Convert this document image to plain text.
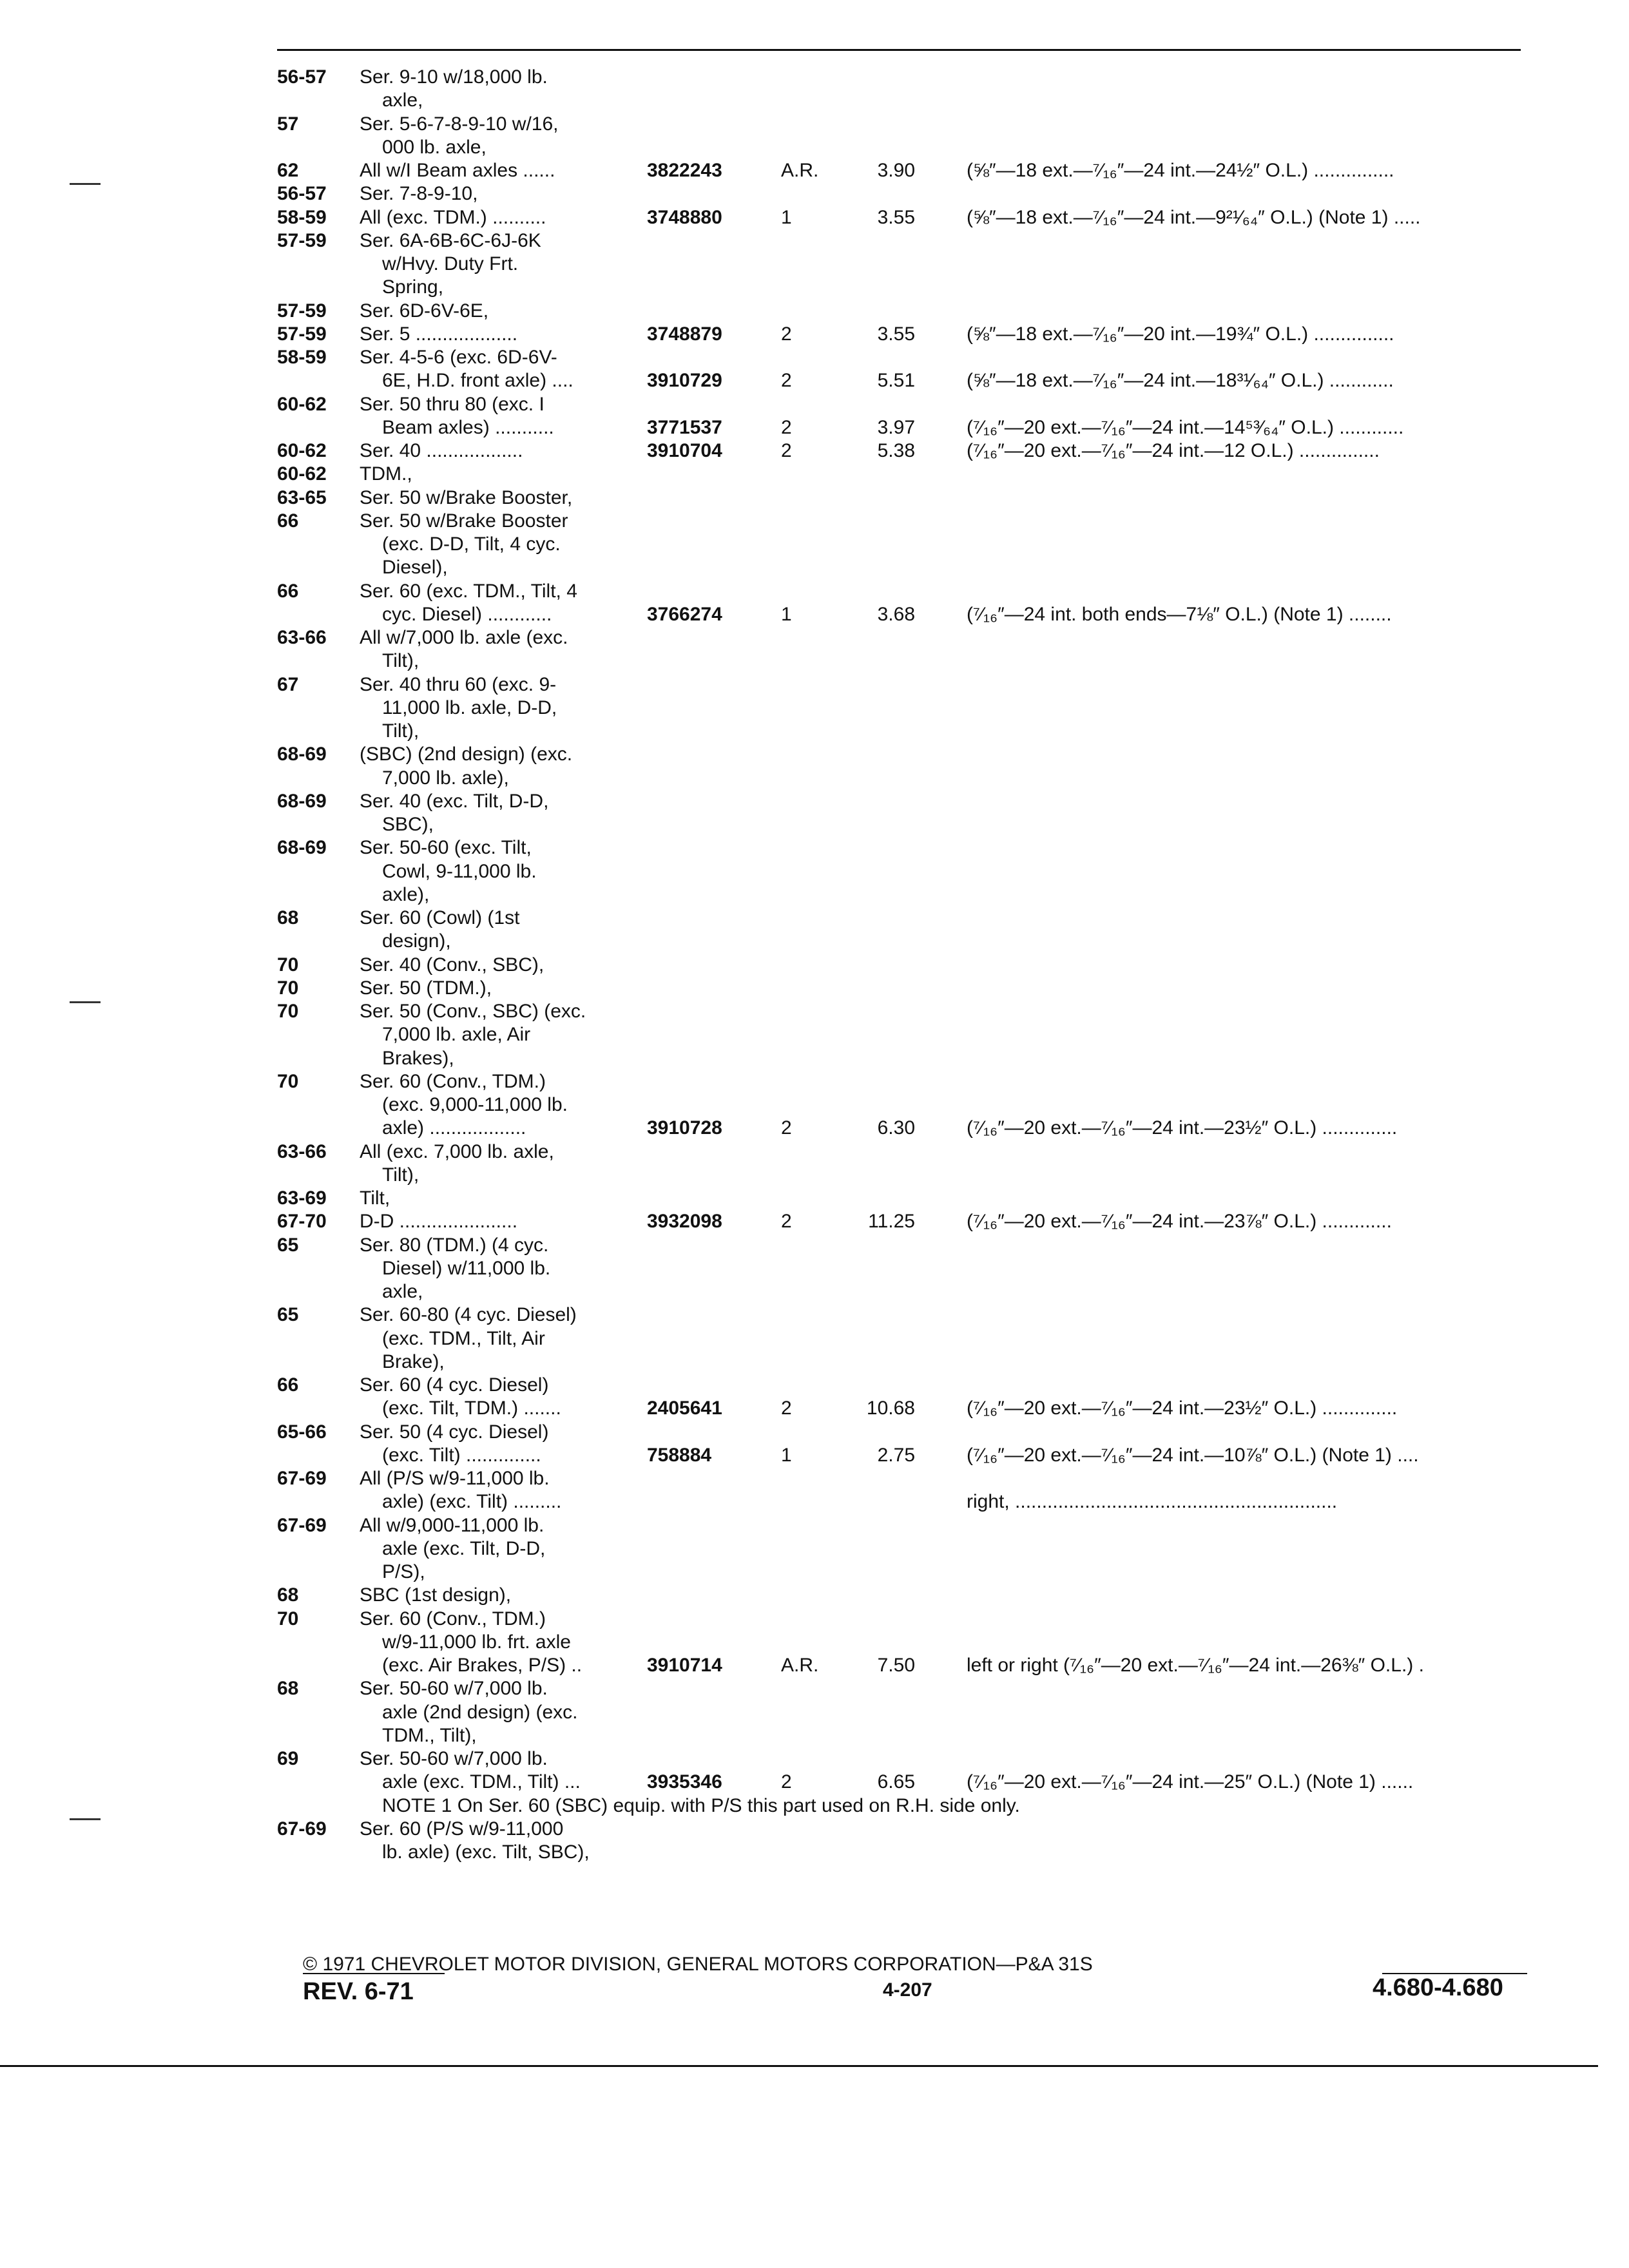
56-57 Ser. 9-10 w/18,000 lb.
axle,
57	Ser. 5-6-7-8-9-10 w/16,
000 lb. axle,
62	All w/I Beam axles ......	3822243	A.R.	3.90	(⅝″—18 ext.—⁷⁄₁₆″—24 int.—24½″ O.L.) ...............
56-57 Ser. 7-8-9-10,
58-59 All (exc. TDM.) ..........	3748880	1	3.55	(⅝″—18 ext.—⁷⁄₁₆″—24 int.—9²¹⁄₆₄″ O.L.) (Note 1) .....
57-59 Ser. 6A-6B-6C-6J-6K
w/Hvy. Duty Frt.
Spring,
57-59 Ser. 6D-6V-6E,
57-59 Ser. 5 ...................	3748879	2	3.55	(⅝″—18 ext.—⁷⁄₁₆″—20 int.—19¾″ O.L.) ...............
58-59 Ser. 4-5-6 (exc. 6D-6V-
6E, H.D. front axle) ....	3910729	2	5.51	(⅝″—18 ext.—⁷⁄₁₆″—24 int.—18³¹⁄₆₄″ O.L.) ............
60-62 Ser. 50 thru 80 (exc. I
Beam axles) ...........	3771537	2	3.97	(⁷⁄₁₆″—20 ext.—⁷⁄₁₆″—24 int.—14⁵³⁄₆₄″ O.L.) ............
60-62 Ser. 40 ..................	3910704	2	5.38	(⁷⁄₁₆″—20 ext.—⁷⁄₁₆″—24 int.—12 O.L.) ...............
60-62 TDM.,
63-65 Ser. 50 w/Brake Booster,
66	Ser. 50 w/Brake Booster
(exc. D-D, Tilt, 4 cyc.
Diesel),
66	Ser. 60 (exc. TDM., Tilt, 4
cyc. Diesel) ............	3766274	1	3.68	(⁷⁄₁₆″—24 int. both ends—7⅛″ O.L.) (Note 1) ........
63-66 All w/7,000 lb. axle (exc.
Tilt),
67	Ser. 40 thru 60 (exc. 9-
11,000 lb. axle, D-D,
Tilt),
68-69 (SBC) (2nd design) (exc.
7,000 lb. axle),
68-69 Ser. 40 (exc. Tilt, D-D,
SBC),
68-69 Ser. 50-60 (exc. Tilt,
Cowl, 9-11,000 lb.
axle),
68	Ser. 60 (Cowl) (1st
design),
70	Ser. 40 (Conv., SBC),
70	Ser. 50 (TDM.),
70	Ser. 50 (Conv., SBC) (exc.
7,000 lb. axle, Air
Brakes),
70	Ser. 60 (Conv., TDM.)
(exc. 9,000-11,000 lb.
axle) ..................	3910728	2	6.30	(⁷⁄₁₆″—20 ext.—⁷⁄₁₆″—24 int.—23½″ O.L.) ..............
63-66 All (exc. 7,000 lb. axle,
Tilt),
63-69 Tilt,
67-70 D-D ......................	3932098	2	11.25	(⁷⁄₁₆″—20 ext.—⁷⁄₁₆″—24 int.—23⅞″ O.L.) .............
65	Ser. 80 (TDM.) (4 cyc.
Diesel) w/11,000 lb.
axle,
65	Ser. 60-80 (4 cyc. Diesel)
(exc. TDM., Tilt, Air
Brake),
66	Ser. 60 (4 cyc. Diesel)
(exc. Tilt, TDM.) .......	2405641	2	10.68	(⁷⁄₁₆″—20 ext.—⁷⁄₁₆″—24 int.—23½″ O.L.) ..............
65-66 Ser. 50 (4 cyc. Diesel)
(exc. Tilt) ..............	758884	1	2.75	(⁷⁄₁₆″—20 ext.—⁷⁄₁₆″—24 int.—10⅞″ O.L.) (Note 1) ....
67-69 All (P/S w/9-11,000 lb.
axle) (exc. Tilt) .........	right, ............................................................
67-69 All w/9,000-11,000 lb.
axle (exc. Tilt, D-D,
P/S),
68	SBC (1st design),
70	Ser. 60 (Conv., TDM.)
w/9-11,000 lb. frt. axle
(exc. Air Brakes, P/S) ..	3910714	A.R.	7.50	left or right (⁷⁄₁₆″—20 ext.—⁷⁄₁₆″—24 int.—26⅜″ O.L.) .
68	Ser. 50-60 w/7,000 lb.
axle (2nd design) (exc.
TDM., Tilt),
69	Ser. 50-60 w/7,000 lb.
axle (exc. TDM., Tilt) ...	3935346	2	6.65	(⁷⁄₁₆″—20 ext.—⁷⁄₁₆″—24 int.—25″ O.L.) (Note 1) ......
NOTE 1 On Ser. 60 (SBC) equip. with P/S this part used on R.H. side only.
67-69 Ser. 60 (P/S w/9-11,000
lb. axle) (exc. Tilt, SBC),
© 1971 CHEVROLET MOTOR DIVISION, GENERAL MOTORS CORPORATION—P&A 31S
REV. 6-71	4-207	4.680-4.680
